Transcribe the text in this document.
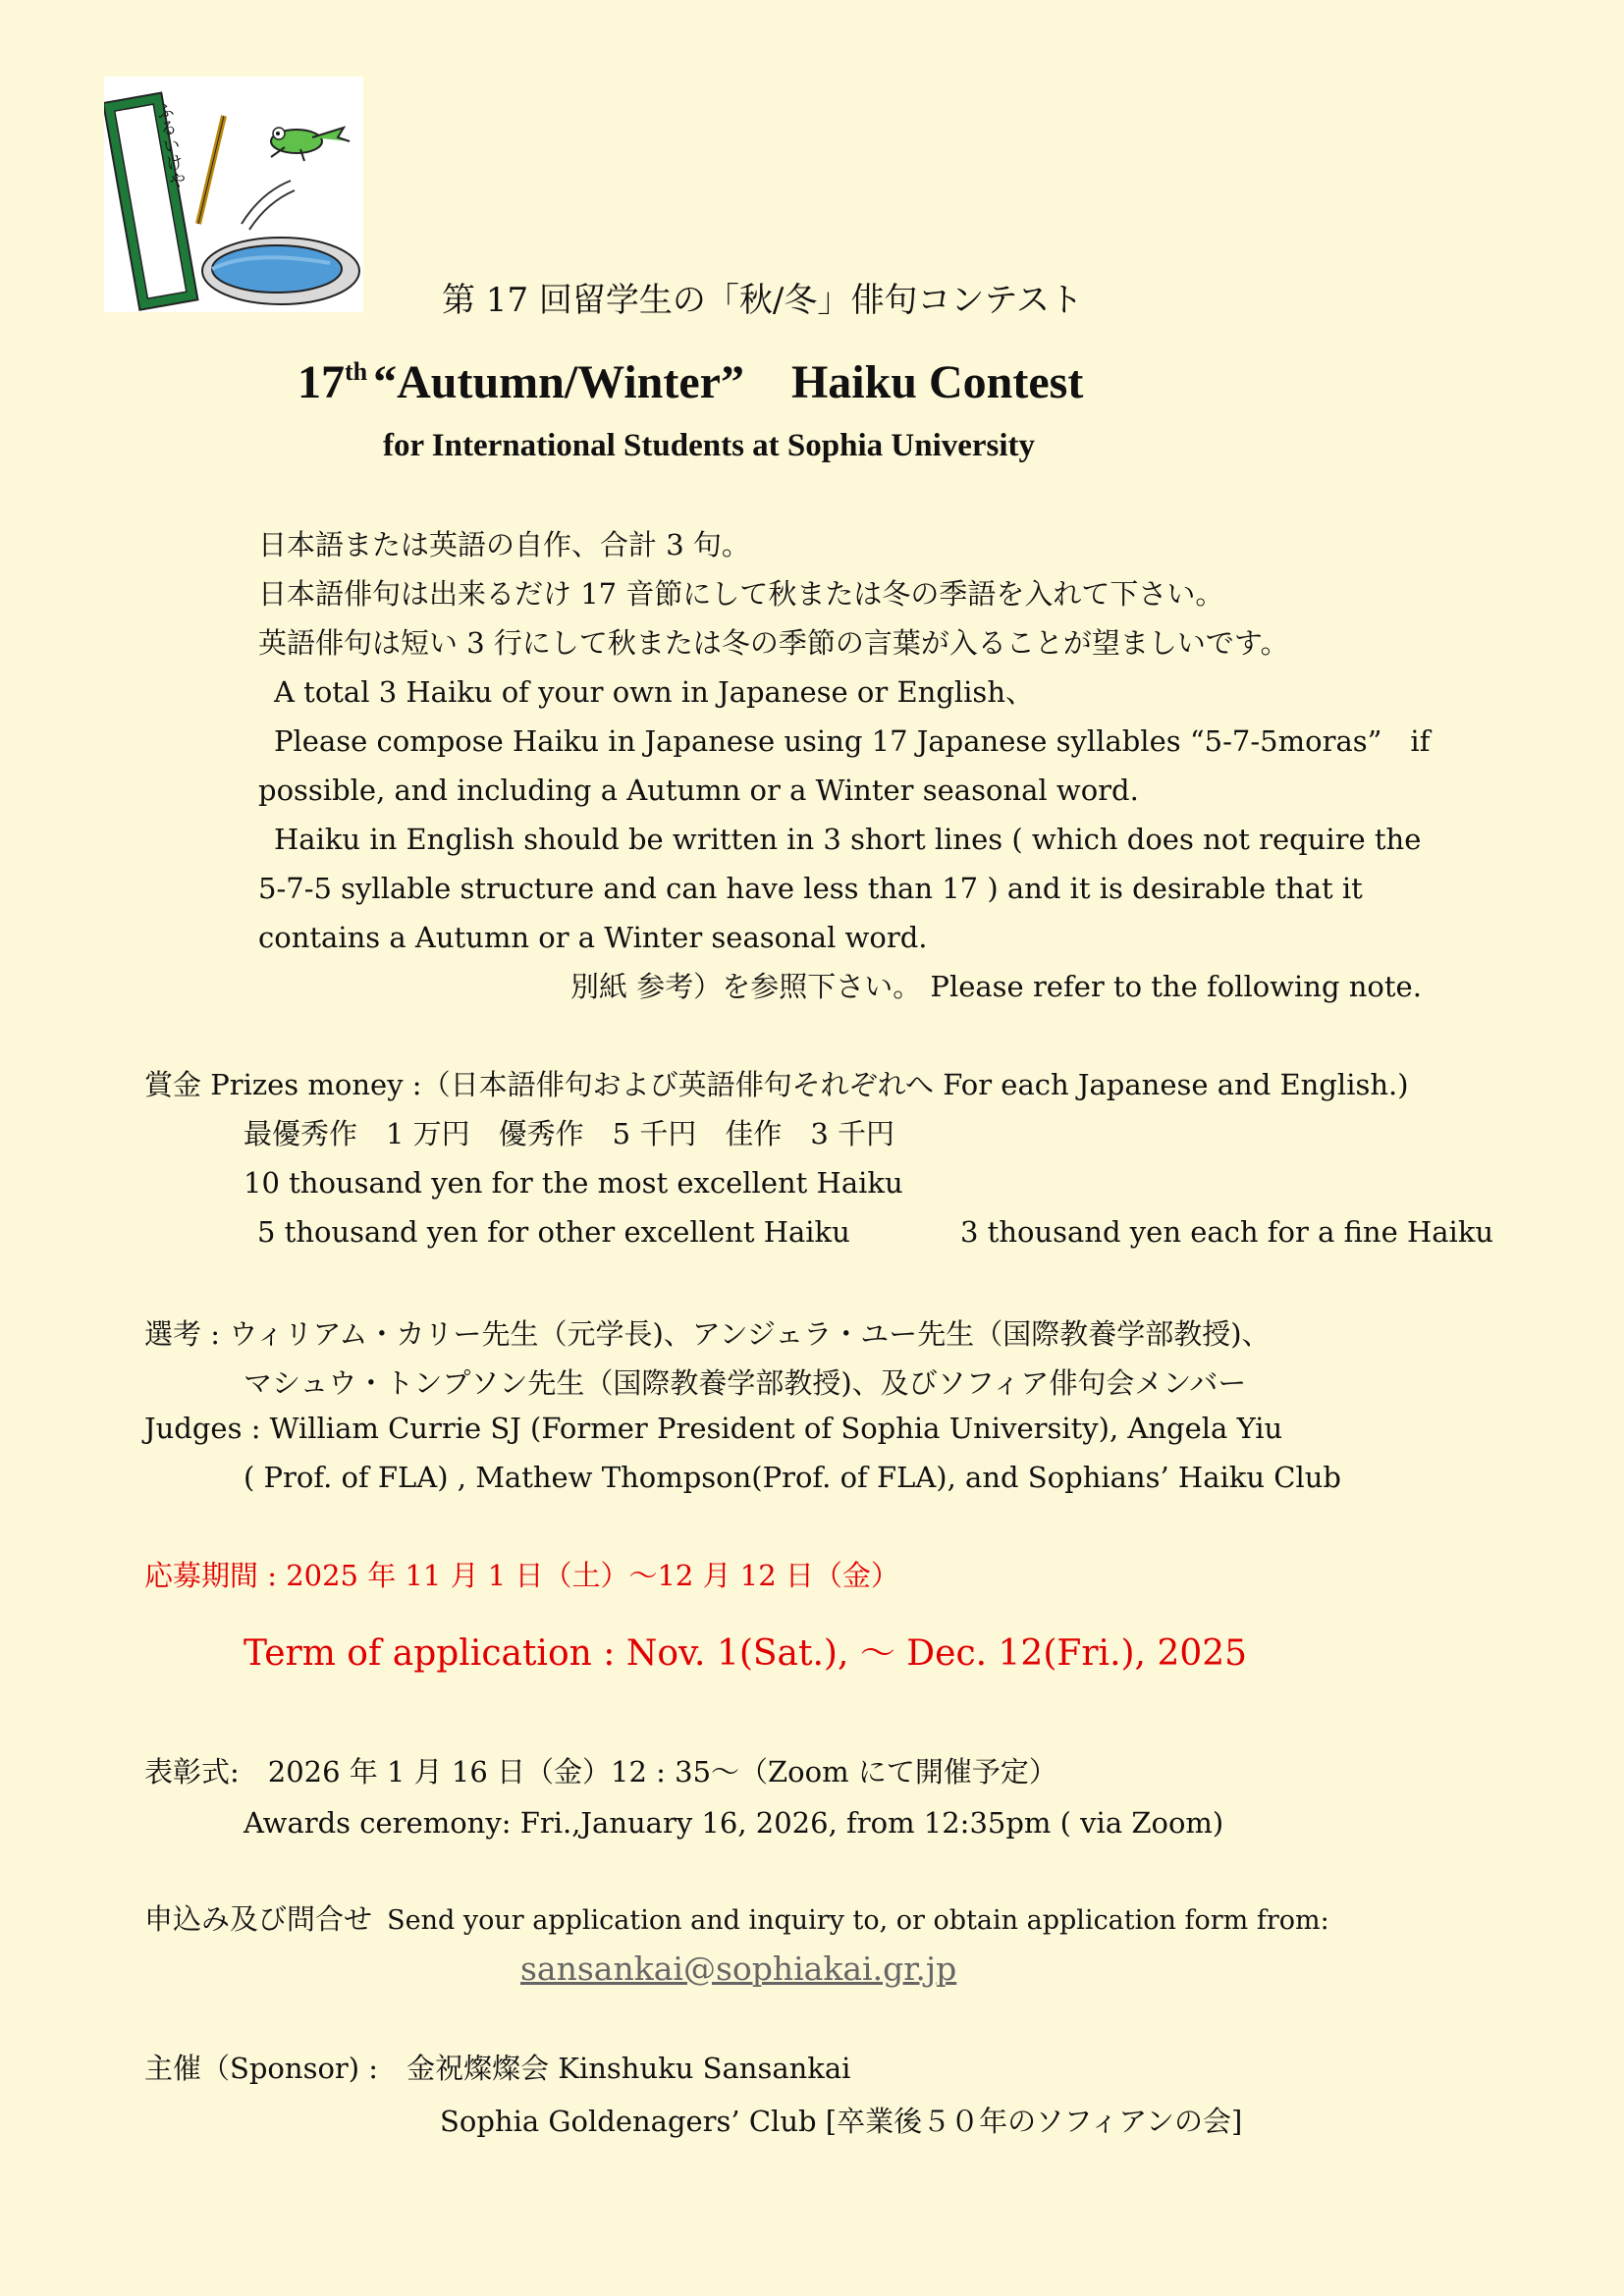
ふるいけや
第 17 回留学生の「秋/冬」俳句コンテスト
17th “Autumn/Winter”　Haiku Contest
for International Students at Sophia University
日本語または英語の自作、合計 3 句。
日本語俳句は出来るだけ 17 音節にして秋または冬の季語を入れて下さい。
英語俳句は短い 3 行にして秋または冬の季節の言葉が入ることが望ましいです。
A total 3 Haiku of your own in Japanese or English、
Please compose Haiku in Japanese using 17 Japanese syllables “5-7-5moras”　if
possible, and including a Autumn or a Winter seasonal word.
Haiku in English should be written in 3 short lines ( which does not require the
5-7-5 syllable structure and can have less than 17 ) and it is desirable that it
contains a Autumn or a Winter seasonal word.
別紙 参考）を参照下さい。 Please refer to the following note.
賞金 Prizes money :（日本語俳句および英語俳句それぞれへ For each Japanese and English.)
最優秀作　1 万円　優秀作　5 千円　佳作　3 千円
10 thousand yen for the most excellent Haiku
5 thousand yen for other excellent Haiku	3 thousand yen each for a fine Haiku
選考 : ウィリアム・カリー先生（元学長)、アンジェラ・ユー先生（国際教養学部教授)、
マシュウ・トンプソン先生（国際教養学部教授)、及びソフィア俳句会メンバー
Judges : William Currie SJ (Former President of Sophia University), Angela Yiu
( Prof. of FLA) , Mathew Thompson(Prof. of FLA), and Sophians’ Haiku Club
応募期間 : 2025 年 11 月 1 日（土）～12 月 12 日（金）
Term of application : Nov. 1(Sat.), ～ Dec. 12(Fri.), 2025
表彰式:　2026 年 1 月 16 日（金）12 : 35～（Zoom にて開催予定）
Awards ceremony: Fri.,January 16, 2026, from 12:35pm ( via Zoom)
申込み及び問合せ Send your application and inquiry to, or obtain application form from:
sansankai@sophiakai.gr.jp
主催（Sponsor) :　金祝燦燦会 Kinshuku Sansankai
Sophia Goldenagers’ Club [卒業後５０年のソフィアンの会]
